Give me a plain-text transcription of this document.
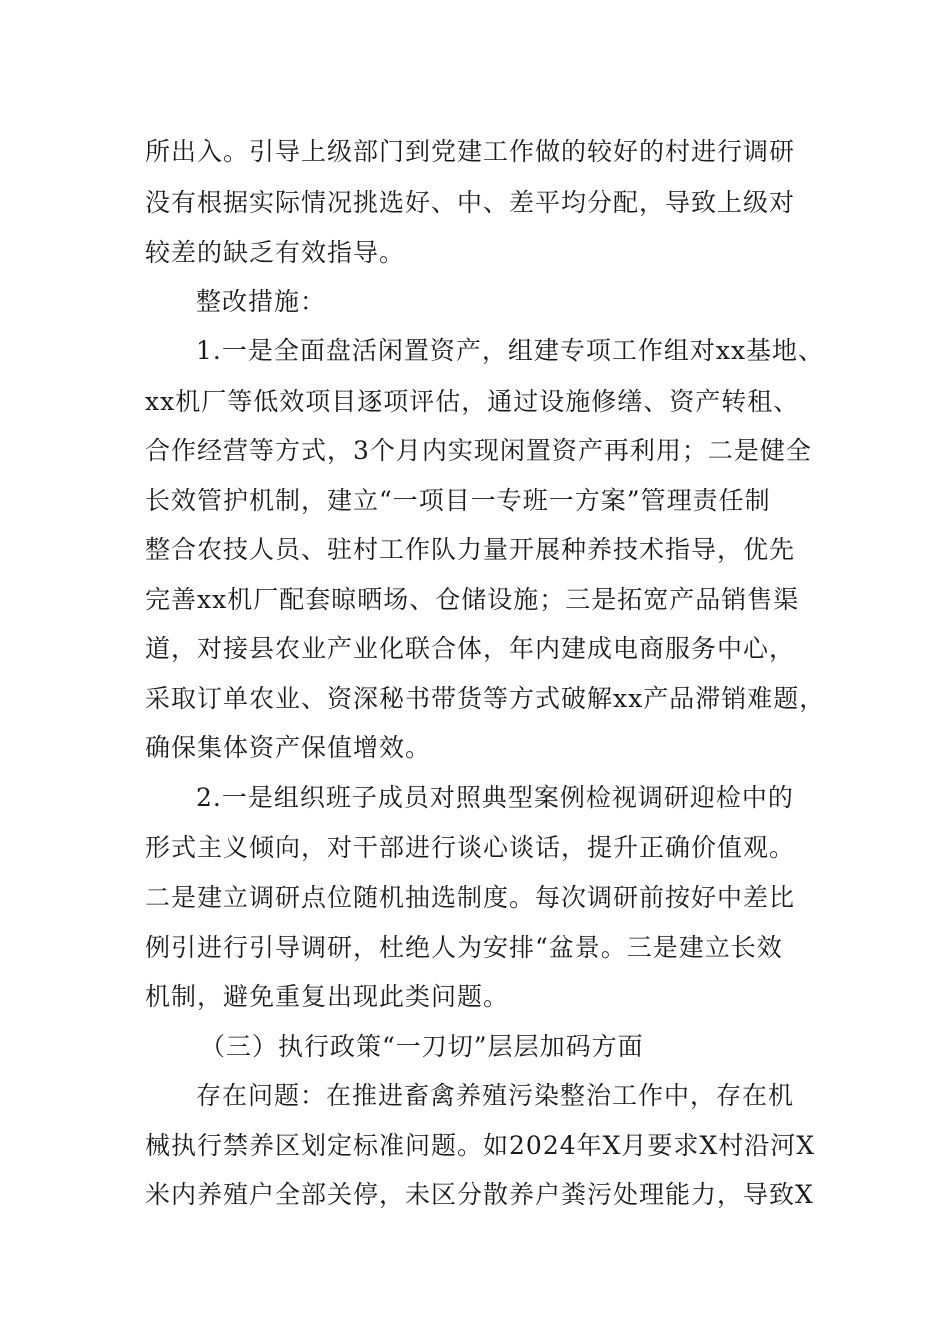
所出入。引导上级部门到党建工作做的较好的村进行调研
没有根据实际情况挑选好、中、差平均分配，导致上级对
较差的缺乏有效指导。
整改措施：
1.一是全面盘活闲置资产，组建专项工作组对xx基地、
xx机厂等低效项目逐项评估，通过设施修缮、资产转租、
合作经营等方式，3个月内实现闲置资产再利用；二是健全
长效管护机制，建立“一项目一专班一方案”管理责任制
整合农技人员、驻村工作队力量开展种养技术指导，优先
完善xx机厂配套晾晒场、仓储设施；三是拓宽产品销售渠
道，对接县农业产业化联合体，年内建成电商服务中心，
采取订单农业、资深秘书带货等方式破解xx产品滞销难题，
确保集体资产保值增效。
2.一是组织班子成员对照典型案例检视调研迎检中的
形式主义倾向，对干部进行谈心谈话，提升正确价值观。
二是建立调研点位随机抽选制度。每次调研前按好中差比
例引进行引导调研，杜绝人为安排“盆景。三是建立长效
机制，避免重复出现此类问题。
（三）执行政策“一刀切”层层加码方面
存在问题：在推进畜禽养殖污染整治工作中，存在机
械执行禁养区划定标准问题。如2024年X月要求X村沿河X
米内养殖户全部关停，未区分散养户粪污处理能力，导致X
